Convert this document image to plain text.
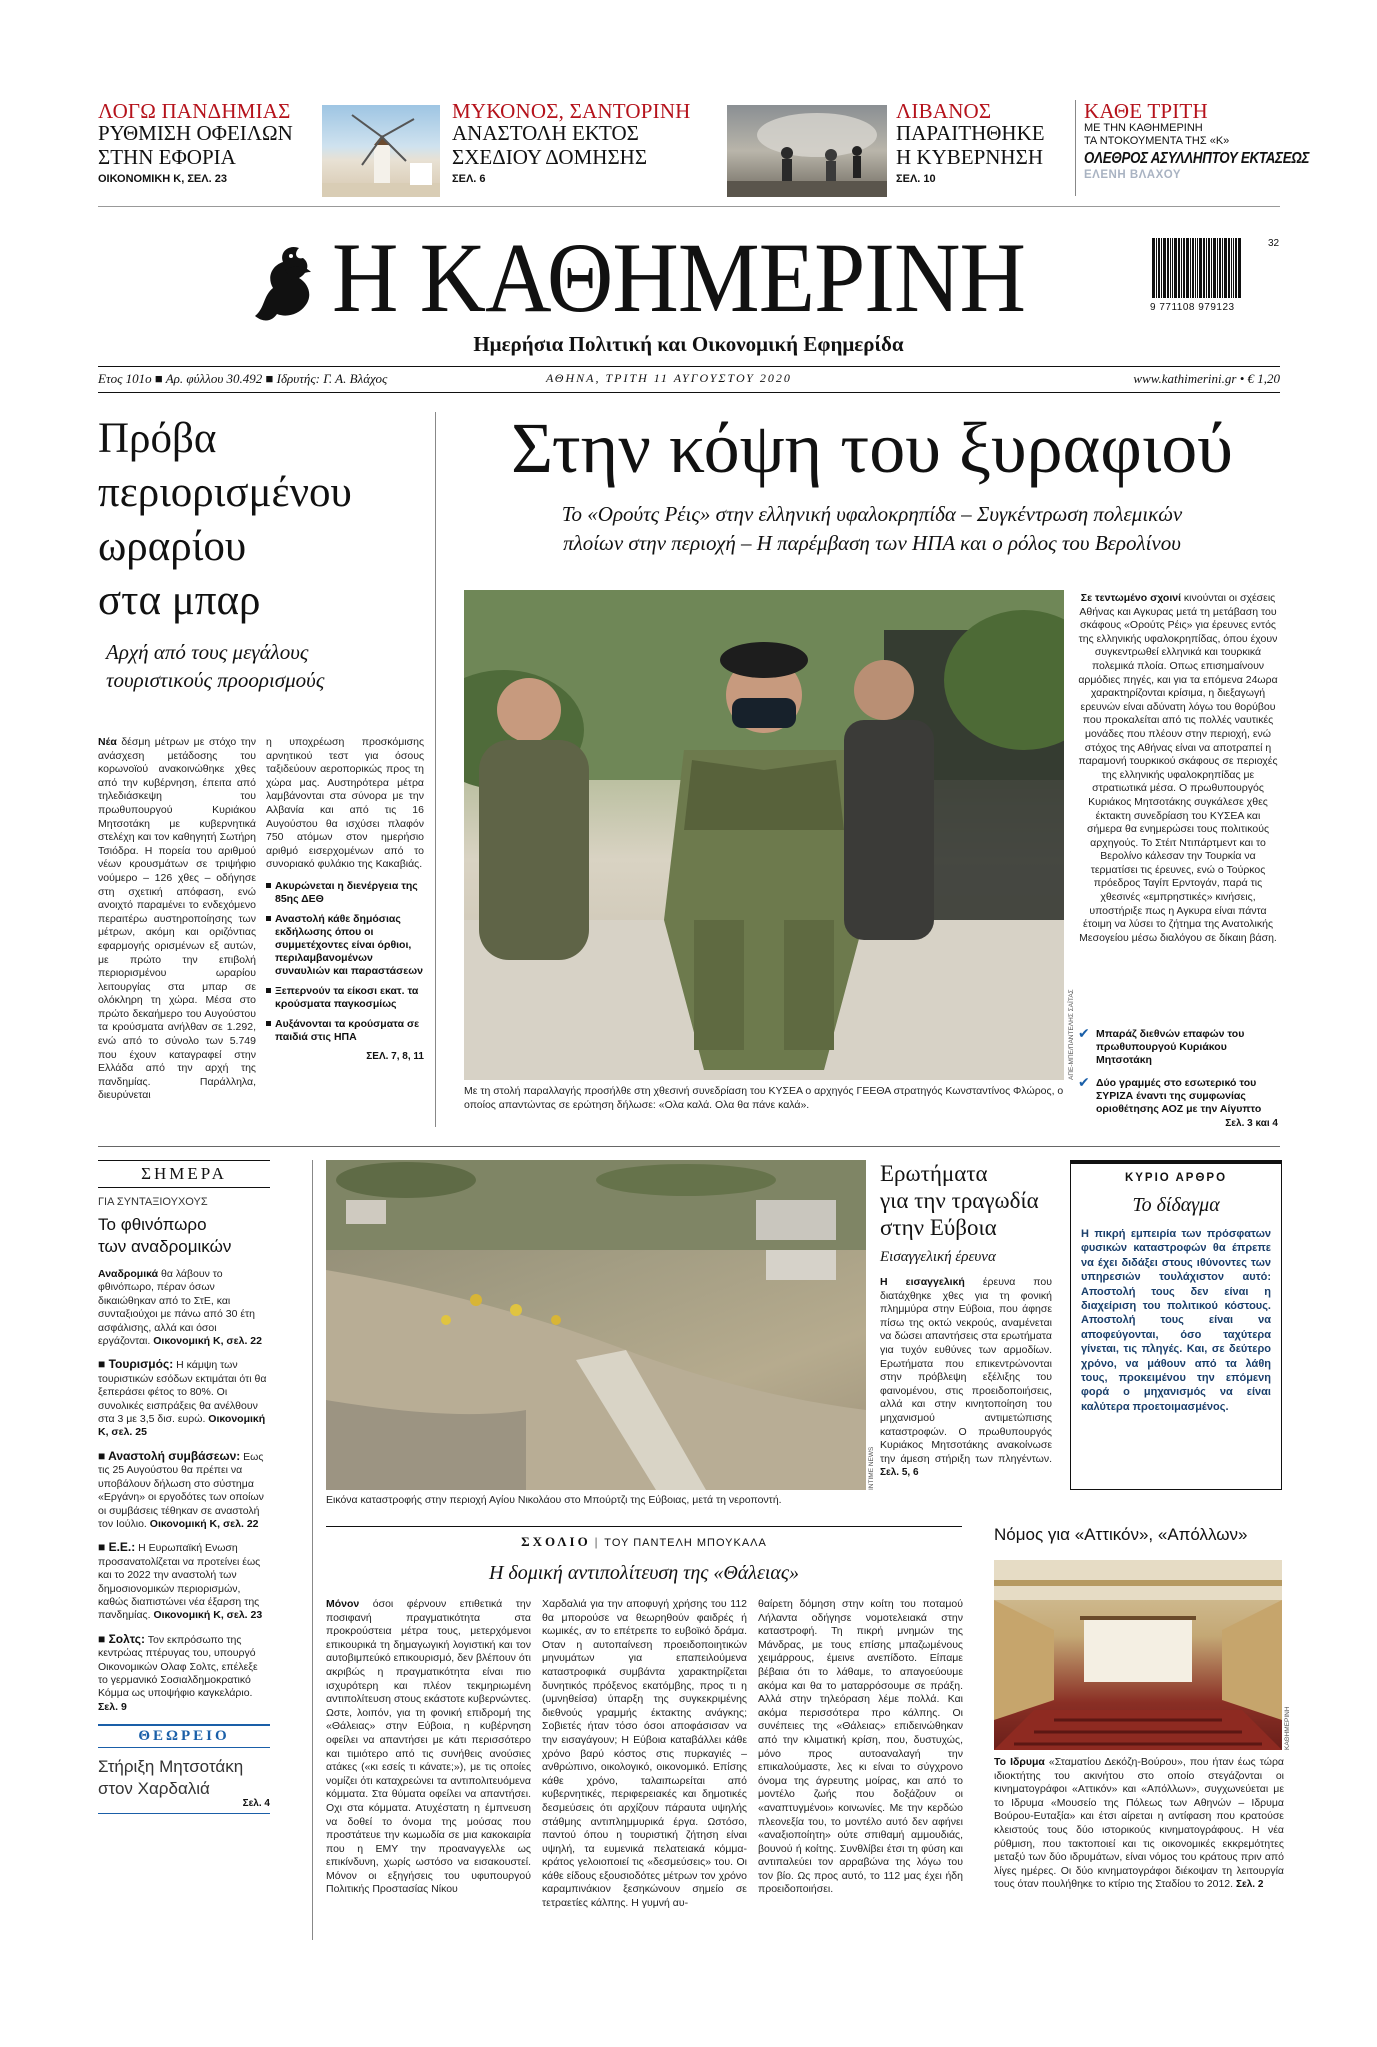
ΛΟΓΩ ΠΑΝΔΗΜΙΑΣ
ΡΥΘΜΙΣΗ ΟΦΕΙΛΩΝ
ΣΤΗΝ ΕΦΟΡΙΑ
ΟΙΚΟΝΟΜΙΚΗ Κ, ΣΕΛ. 23
ΜΥΚΟΝΟΣ, ΣΑΝΤΟΡΙΝΗ
ΑΝΑΣΤΟΛΗ ΕΚΤΟΣ
ΣΧΕΔΙΟΥ ΔΟΜΗΣΗΣ
ΣΕΛ. 6
ΛΙΒΑΝΟΣ
ΠΑΡΑΙΤΗΘΗΚΕ
Η ΚΥΒΕΡΝΗΣΗ
ΣΕΛ. 10
ΚΑΘΕ ΤΡΙΤΗ
ΜΕ ΤΗΝ ΚΑΘΗΜΕΡΙΝΗ
ΤΑ ΝΤΟΚΟΥΜΕΝΤΑ ΤΗΣ «Κ»
ΟΛΕΘΡΟΣ ΑΣΥΛΛΗΠΤΟΥ ΕΚΤΑΣΕΩΣ
ΕΛΕΝΗ ΒΛΑΧΟΥ
Η ΚΑΘΗΜΕΡΙΝΗ	32
9 771108 979123
Ημερήσια Πολιτική και Οικονομική Εφημερίδα
Ετος 101ο ■ Αρ. φύλλου 30.492 ■ Ιδρυτής: Γ. Α. Βλάχος	ΑΘΗΝΑ, ΤΡΙΤΗ 11 ΑΥΓΟΥΣΤΟΥ 2020	www.kathimerini.gr • € 1,20
Πρόβα
περιορισμένου
ωραρίου
στα μπαρ
Αρχή από τους μεγάλους
τουριστικούς προορισμούς
Νέα δέσμη μέτρων με στόχο την ανάσχεση μετάδοσης του κορωνοϊού ανακοινώθηκε χθες από την κυβέρνηση, έπειτα από τηλεδιάσκεψη του πρωθυπουργού Κυριάκου Μητσοτάκη με κυβερνητικά στελέχη και τον καθηγητή Σωτήρη Τσιόδρα. Η πορεία του αριθμού νέων κρουσμάτων σε τριψήφιο νούμερο – 126 χθες – οδήγησε στη σχετική απόφαση, ενώ ανοιχτό παραμένει το ενδεχόμενο περαιτέρω αυστηροποίησης των μέτρων, ακόμη και οριζόντιας εφαρμογής ορισμένων εξ αυτών, με πρώτο την επιβολή περιορισμένου ωραρίου λειτουργίας στα μπαρ σε ολόκληρη τη χώρα. Μέσα στο πρώτο δεκαήμερο του Αυγούστου τα κρούσματα ανήλθαν σε 1.292, ενώ από το σύνολο των 5.749 που έχουν καταγραφεί στην Ελλάδα από την αρχή της πανδημίας. Παράλληλα, διευρύνεται
η υποχρέωση προσκόμισης αρνητικού τεστ για όσους ταξιδεύουν αεροπορικώς προς τη χώρα μας. Αυστηρότερα μέτρα λαμβάνονται στα σύνορα με την Αλβανία και από τις 16 Αυγούστου θα ισχύσει πλαφόν 750 ατόμων στον ημερήσιο αριθμό εισερχομένων από το συνοριακό φυλάκιο της Κακαβιάς.
Ακυρώνεται η διενέργεια της 85ης ΔΕΘ
Αναστολή κάθε δημόσιας εκδήλωσης όπου οι συμμετέχοντες είναι όρθιοι, περιλαμβανομένων συναυλιών και παραστάσεων
Ξεπερνούν τα είκοσι εκατ. τα κρούσματα παγκοσμίως
Αυξάνονται τα κρούσματα σε παιδιά στις ΗΠΑ
ΣΕΛ. 7, 8, 11
Στην κόψη του ξυραφιού
Το «Ορούτς Ρέις» στην ελληνική υφαλοκρηπίδα – Συγκέντρωση πολεμικών
πλοίων στην περιοχή – Η παρέμβαση των ΗΠΑ και ο ρόλος του Βερολίνου
ΑΠΕ-ΜΠΕ/ΠΑΝΤΕΛΗΣ ΣΑΪΤΑΣ
Με τη στολή παραλλαγής προσήλθε στη χθεσινή συνεδρίαση του ΚΥΣΕΑ ο αρχηγός ΓΕΕΘΑ στρατηγός Κωνσταντίνος Φλώρος, ο οποίος απαντώντας σε ερώτηση δήλωσε: «Ολα καλά. Ολα θα πάνε καλά».
Σε τεντωμένο σχοινί κινούνται οι σχέσεις Αθήνας και Αγκυρας μετά τη μετάβαση του σκάφους «Ορούτς Ρέις» για έρευνες εντός της ελληνικής υφαλοκρηπίδας, όπου έχουν συγκεντρωθεί ελληνικά και τουρκικά πολεμικά πλοία. Οπως επισημαίνουν αρμόδιες πηγές, και για τα επόμενα 24ωρα χαρακτηρίζονται κρίσιμα, η διεξαγωγή ερευνών είναι αδύνατη λόγω του θορύβου που προκαλείται από τις πολλές ναυτικές μονάδες που πλέουν στην περιοχή, ενώ στόχος της Αθήνας είναι να αποτραπεί η παραμονή τουρκικού σκάφους σε περιοχές της ελληνικής υφαλοκρηπίδας με στρατιωτικά μέσα. Ο πρωθυπουργός Κυριάκος Μητσοτάκης συγκάλεσε χθες έκτακτη συνεδρίαση του ΚΥΣΕΑ και σήμερα θα ενημερώσει τους πολιτικούς αρχηγούς. Το Στέιτ Ντιπάρτμεντ και το Βερολίνο κάλεσαν την Τουρκία να τερματίσει τις έρευνες, ενώ ο Τούρκος πρόεδρος Ταγίπ Ερντογάν, παρά τις χθεσινές «εμπρηστικές» κινήσεις, υποστήριξε πως η Αγκυρα είναι πάντα έτοιμη να λύσει το ζήτημα της Ανατολικής Μεσογείου μέσω διαλόγου σε δίκαιη βάση.
✔ Μπαράζ διεθνών επαφών του πρωθυπουργού Κυριάκου Μητσοτάκη
✔ Δύο γραμμές στο εσωτερικό του ΣΥΡΙΖΑ έναντι της συμφωνίας οριοθέτησης ΑΟΖ με την Αίγυπτο
Σελ. 3 και 4
ΣΗΜΕΡΑ
ΓΙΑ ΣΥΝΤΑΞΙΟΥΧΟΥΣ
Το φθινόπωρο
των αναδρομικών
Αναδρομικά θα λάβουν το φθινόπωρο, πέραν όσων δικαιώθηκαν από το ΣτΕ, και συνταξιούχοι με πάνω από 30 έτη ασφάλισης, αλλά και όσοι εργάζονται. Οικονομική Κ, σελ. 22
■ Τουρισμός: Η κάμψη των τουριστικών εσόδων εκτιμάται ότι θα ξεπεράσει φέτος το 80%. Οι συνολικές εισπράξεις θα ανέλθουν στα 3 με 3,5 δισ. ευρώ. Οικονομική Κ, σελ. 25
■ Αναστολή συμβάσεων: Εως τις 25 Αυγούστου θα πρέπει να υποβάλουν δήλωση στο σύστημα «Εργάνη» οι εργοδότες των οποίων οι συμβάσεις τέθηκαν σε αναστολή τον Ιούλιο. Οικονομική Κ, σελ. 22
■ Ε.Ε.: Η Ευρωπαϊκή Ενωση προσανατολίζεται να προτείνει έως και το 2022 την αναστολή των δημοσιονομικών περιορισμών, καθώς διαπιστώνει νέα έξαρση της πανδημίας. Οικονομική Κ, σελ. 23
■ Σολτς: Τον εκπρόσωπο της κεντρώας πτέρυγας του, υπουργό Οικονομικών Ολαφ Σολτς, επέλεξε το γερμανικό Σοσιαλδημοκρατικό Κόμμα ως υποψήφιο καγκελάριο. Σελ. 9
ΘΕΩΡΕΙΟ
Στήριξη Μητσοτάκη
στον Χαρδαλιά
Σελ. 4
INTIME NEWS
Εικόνα καταστροφής στην περιοχή Αγίου Νικολάου στο Μπούρτζι της Εύβοιας, μετά τη νεροποντή.
Ερωτήματα
για την τραγωδία
στην Εύβοια
Εισαγγελική έρευνα
Η εισαγγελική έρευνα που διατάχθηκε χθες για τη φονική πλημμύρα στην Εύβοια, που άφησε πίσω της οκτώ νεκρούς, αναμένεται να δώσει απαντήσεις στα ερωτήματα για τυχόν ευθύνες των αρμοδίων. Ερωτήματα που επικεντρώνονται στην πρόβλεψη εξέλιξης του φαινομένου, στις προειδοποιήσεις, αλλά και στην κινητοποίηση του μηχανισμού αντιμετώπισης καταστροφών. Ο πρωθυπουργός Κυριάκος Μητσοτάκης ανακοίνωσε την άμεση στήριξη των πληγέντων. Σελ. 5, 6
ΚΥΡΙΟ ΑΡΘΡΟ
Το δίδαγμα
Η πικρή εμπειρία των πρόσφατων φυσικών καταστροφών θα έπρεπε να έχει διδάξει στους ιθύνοντες των υπηρεσιών τουλάχιστον αυτό: Αποστολή τους δεν είναι η διαχείριση του πολιτικού κόστους. Αποστολή τους είναι να αποφεύγονται, όσο ταχύτερα γίνεται, τις πληγές. Και, σε δεύτερο χρόνο, να μάθουν από τα λάθη τους, προκειμένου την επόμενη φορά ο μηχανισμός να είναι καλύτερα προετοιμασμένος.
ΣΧΟΛΙΟ | ΤΟΥ ΠΑΝΤΕΛΗ ΜΠΟΥΚΑΛΑ
Η δομική αντιπολίτευση της «Θάλειας»
Μόνον όσοι φέρνουν επιθετικά την ποσιφανή πραγματικότητα στα προκρούστεια μέτρα τους, μετερχόμενοι επικουρικά τη δημαγωγική λογιστική και τον αυτοβιμπεύκό επικουρισμό, δεν βλέπουν ότι ακριβώς η πραγματικότητα είναι πιο ισχυρότερη και πλέον τεκμηριωμένη αντιπολίτευση στους εκάστοτε κυβερνώντες. Ωστε, λοιπόν, για τη φονική επιδρομή της «Θάλειας» στην Εύβοια, η κυβέρνηση οφείλει να απαντήσει με κάτι περισσότερο και τιμιότερο από τις συνήθεις ανούσιες ατάκες («κι εσείς τι κάνατε;»), με τις οποίες νομίζει ότι καταχρεώνει τα αντιπολιτευόμενα κόμματα. Στα θύματα οφείλει να απαντήσει. Οχι στα κόμματα. Ατυχέστατη η έμπνευση να δοθεί το όνομα της μούσας που προστάτευε την κωμωδία σε μια κακοκαιρία που η ΕΜΥ την προαναγγελλε ως επικίνδυνη, χωρίς ωστόσο να εισακουστεί. Μόνον οι εξηγήσεις του υφυπουργού Πολιτικής Προστασίας Νίκου
Χαρδαλιά για την αποφυγή χρήσης του 112 θα μπορούσε να θεωρηθούν φαιδρές ή κωμικές, αν το επέτρεπε το ευβοϊκό δράμα. Οταν η αυτοπαίνεση προειδοποιητικών μηνυμάτων για επαπειλούμενα καταστροφικά συμβάντα χαρακτηρίζεται δυνητικός πρόξενος εκατόμβης, προς τι η (υμνηθείσα) ύπαρξη της συγκεκριμένης διεθνούς γραμμής έκτακτης ανάγκης; Σοβιετές ήταν τόσο όσοι αποφάσισαν να την εισαγάγουν; Η Εύβοια καταβάλλει κάθε χρόνο βαρύ κόστος στις πυρκαγιές – ανθρώπινο, οικολογικό, οικονομικό. Επίσης κάθε χρόνο, ταλαιπωρείται από κυβερνητικές, περιφερειακές και δημοτικές δεσμεύσεις ότι αρχίζουν πάραυτα υψηλής στάθμης αντιπλημμυρικά έργα. Ωστόσο, παντού όπου η τουριστική ζήτηση είναι υψηλή, τα ευμενικά πελατειακά κόμμα-κράτος γελοιοποιεί τις «δεσμεύσεις» του. Οι κάθε είδους εξουσιοδότες μέτρων τον χρόνο καραμπινάκιον ξεσηκώνουν σημείο σε τετραετίες κάλπης. Η γυμνή αυ-
θαίρετη δόμηση στην κοίτη του ποταμού Λήλαντα οδήγησε νομοτελειακά στην καταστροφή. Τη πικρή μνημών της Μάνδρας, με τους επίσης μπαζωμένους χειμάρρους, έμεινε ανεπίδοτο. Είπαμε βέβαια ότι το λάθαμε, το απαγοεύουμε ακόμα και θα το ματαρρόσουμε σε πράξη. Αλλά στην τηλεόραση λέμε πολλά. Και ακόμα περισσότερα προ κάλπης. Οι συνέπειες της «Θάλειας» επιδεινώθηκαν από την κλιματική κρίση, που, δυστυχώς, μόνο προς αυτοαναλαγή την επικαλούμαστε, λες κι είναι το σύγχρονο όνομα της άγρευτης μοίρας, και από το μοντέλο ζωής που δοξάζουν οι «αναπτυγμένοι» κοινωνίες. Με την κερδώο πλεονεξία του, το μοντέλο αυτό δεν αφήνει «αναξιοποίητη» ούτε σπιθαμή αμμουδιάς, βουνού ή κοίτης. Συνθλίβει έτσι τη φύση και αντιπαλεύει τον αρραβώνα της λόγω του τον βίο. Ως προς αυτό, το 112 μας έχει ήδη προειδοποιήσει.
Νόμος για «Αττικόν», «Απόλλων»
ΚΑΘΗΜΕΡΙΝΗ
Το Ιδρυμα «Σταματίου Δεκόζη-Βούρου», που ήταν έως τώρα ιδιοκτήτης του ακινήτου στο οποίο στεγάζονται οι κινηματογράφοι «Αττικόν» και «Απόλλων», συγχωνεύεται με το Ιδρυμα «Μουσείο της Πόλεως των Αθηνών – Ιδρυμα Βούρου-Ευταξία» και έτσι αίρεται η αντίφαση που κρατούσε κλειστούς τους δύο ιστορικούς κινηματογράφους. Η νέα ρύθμιση, που τακτοποιεί και τις οικονομικές εκκρεμότητες μεταξύ των δύο ιδρυμάτων, είναι νόμος του κράτους πριν από λίγες ημέρες. Οι δύο κινηματογράφοι διέκοψαν τη λειτουργία τους όταν πουλήθηκε το κτίριο της Σταδίου το 2012. Σελ. 2
